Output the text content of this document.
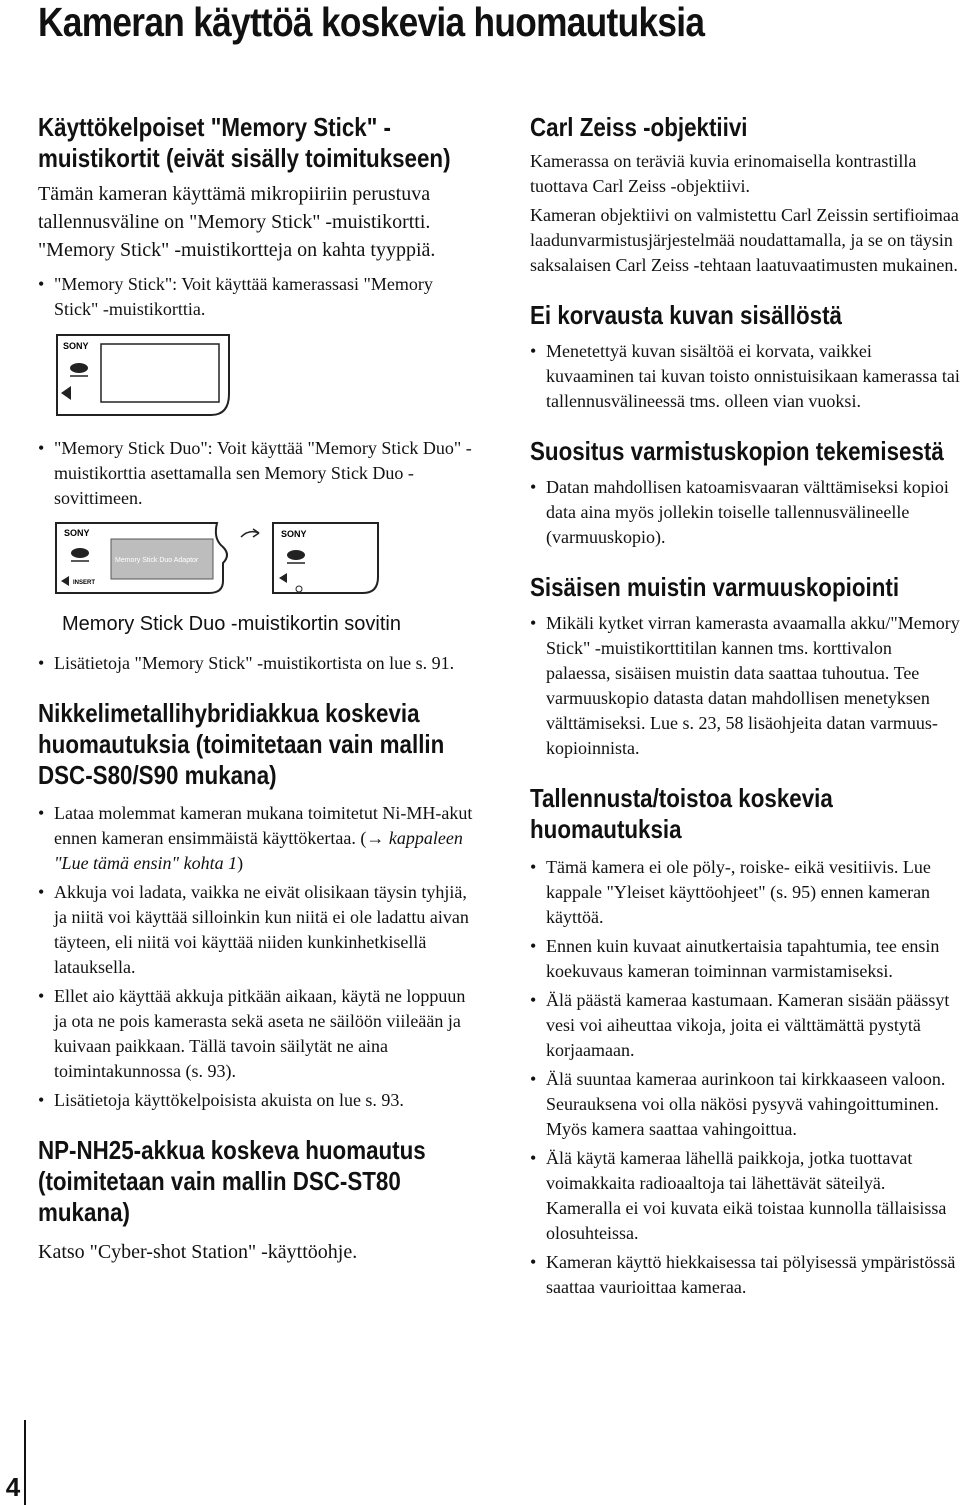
Kameran käyttöä koskevia huomautuksia
Käyttökelpoiset "Memory Stick" -muistikortit (eivät sisälly toimitukseen)

Tämän kameran käyttämä mikropiiriin perustuva tallennusväline on "Memory Stick" -muistikortti. "Memory Stick" -muistikortteja on kahta tyyppiä.

• "Memory Stick": Voit käyttää kamerassasi "Memory Stick" -muistikorttia.
SONY
• "Memory Stick Duo": Voit käyttää "Memory Stick Duo" -muistikorttia asettamalla sen Memory Stick Duo -sovittimeen.
Memory Stick Duo Adaptor
SONY
INSERT
SONY

Memory Stick Duo -muistikortin sovitin

• Lisätietoja "Memory Stick" -muistikortista on lue s. 91.
Nikkelimetallihybridiakkua koskevia huomautuksia (toimitetaan vain mallin DSC-S80/S90 mukana)
• Lataa molemmat kameran mukana toimitetut Ni-MH-akut ennen kameran ensimmäistä käyttökertaa. (→ kappaleen "Lue tämä ensin" kohta 1)
• Akkuja voi ladata, vaikka ne eivät olisikaan täysin tyhjiä, ja niitä voi käyttää silloinkin kun niitä ei ole ladattu aivan täyteen, eli niitä voi käyttää niiden kunkinhetkisellä latauksella.
• Ellet aio käyttää akkuja pitkään aikaan, käytä ne loppuun ja ota ne pois kamerasta sekä aseta ne säilöön viileään ja kuivaan paikkaan. Tällä tavoin säilytät ne aina toimintakunnossa (s. 93).
• Lisätietoja käyttökelpoisista akuista on lue s. 93.
NP-NH25-akkua koskeva huomautus (toimitetaan vain mallin DSC-ST80 mukana)

Katso "Cyber-shot Station" -käyttöohje.

Carl Zeiss -objektiivi

Kamerassa on teräviä kuvia erinomaisella kontrastilla tuottava Carl Zeiss -objektiivi.

Kameran objektiivi on valmistettu Carl Zeissin sertifioimaa laadunvarmistusjärjestelmää noudattamalla, ja se on täysin saksalaisen Carl Zeiss -tehtaan laatuvaatimusten mukainen.

Ei korvausta kuvan sisällöstä
• Menetettyä kuvan sisältöä ei korvata, vaikkei kuvaaminen tai kuvan toisto onnistuisikaan kamerassa tai tallennusvälineessä tms. olleen vian vuoksi.
Suositus varmistuskopion tekemisestä
• Datan mahdollisen katoamisvaaran välttämiseksi kopioi data aina myös jollekin toiselle tallennusvälineelle (varmuuskopio).
Sisäisen muistin varmuuskopiointi
• Mikäli kytket virran kamerasta avaamalla akku/"Memory Stick" -muistikorttitilan kannen tms. korttivalon palaessa, sisäisen muistin data saattaa tuhoutua. Tee varmuuskopio datasta datan mahdollisen menetyksen välttämiseksi. Lue s. 23, 58 lisäohjeita datan varmuus-kopioinnista.
Tallennusta/toistoa koskevia huomautuksia
• Tämä kamera ei ole pöly-, roiske- eikä vesitiivis. Lue kappale "Yleiset käyttöohjeet" (s. 95) ennen kameran käyttöä.
• Ennen kuin kuvaat ainutkertaisia tapahtumia, tee ensin koekuvaus kameran toiminnan varmistamiseksi.
• Älä päästä kameraa kastumaan. Kameran sisään päässyt vesi voi aiheuttaa vikoja, joita ei välttämättä pystytä korjaamaan.
• Älä suuntaa kameraa aurinkoon tai kirkkaaseen valoon. Seurauksena voi olla näkösi pysyvä vahingoittuminen. Myös kamera saattaa vahingoittua.
• Älä käytä kameraa lähellä paikkoja, jotka tuottavat voimakkaita radioaaltoja tai lähettävät säteilyä. Kameralla ei voi kuvata eikä toistaa kunnolla tällaisissa olosuhteissa.
• Kameran käyttö hiekkaisessa tai pölyisessä ympäristössä saattaa vaurioittaa kameraa.
4
